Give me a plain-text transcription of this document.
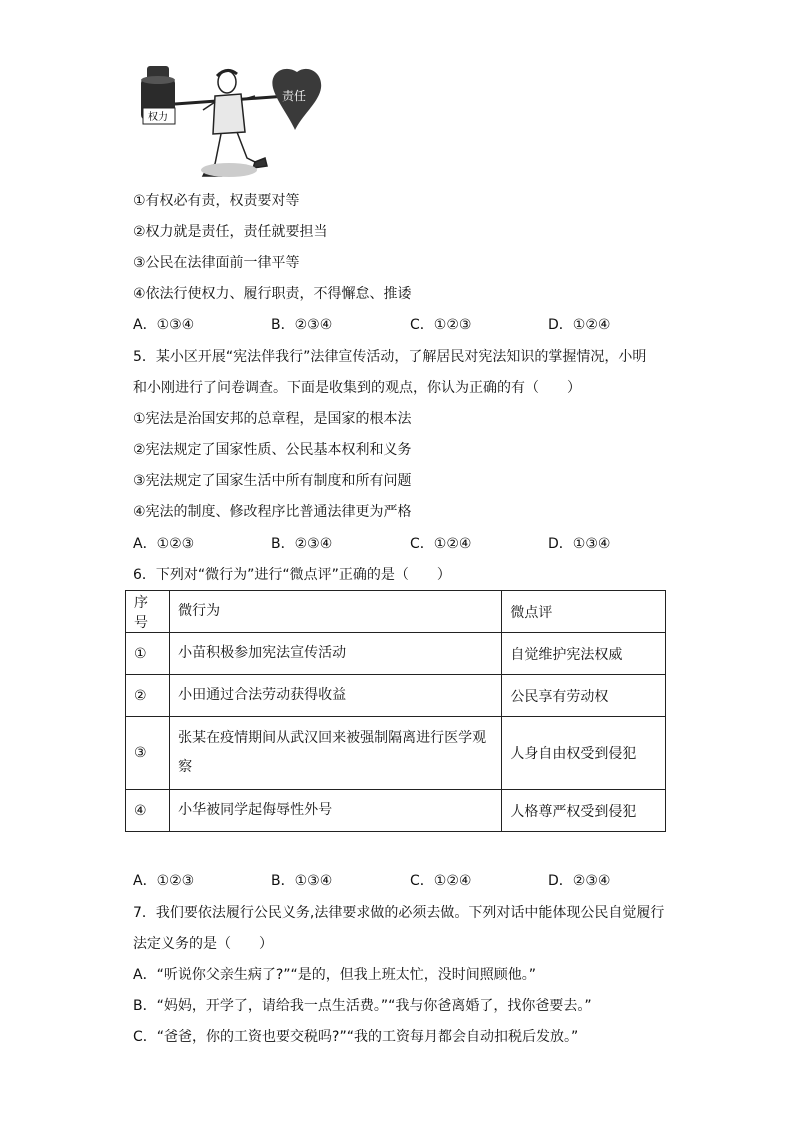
权力
责任
①有权必有责，权责要对等
②权力就是责任，责任就要担当
③公民在法律面前一律平等
④依法行使权力、履行职责，不得懈怠、推诿
A．①③④	B．②③④	C．①②③	D．①②④
5．某小区开展“宪法伴我行”法律宣传活动，了解居民对宪法知识的掌握情况，小明
和小刚进行了问卷调查。下面是收集到的观点，你认为正确的有（　　）
①宪法是治国安邦的总章程，是国家的根本法
②宪法规定了国家性质、公民基本权利和义务
③宪法规定了国家生活中所有制度和所有问题
④宪法的制度、修改程序比普通法律更为严格
A．①②③	B．②③④	C．①②④	D．①③④
6．下列对“微行为”进行“微点评”正确的是（　　）
序号	微行为	微点评
①	小苗积极参加宪法宣传活动	自觉维护宪法权威
②	小田通过合法劳动获得收益	公民享有劳动权
③	张某在疫情期间从武汉回来被强制隔离进行医学观察	人身自由权受到侵犯
④	小华被同学起侮辱性外号	人格尊严权受到侵犯
A．①②③	B．①③④	C．①②④	D．②③④
7．我们要依法履行公民义务,法律要求做的必须去做。下列对话中能体现公民自觉履行
法定义务的是（　　）
A．“听说你父亲生病了?”“是的，但我上班太忙，没时间照顾他。”
B．“妈妈，开学了，请给我一点生活费。”“我与你爸离婚了，找你爸要去。”
C．“爸爸，你的工资也要交税吗?”“我的工资每月都会自动扣税后发放。”
